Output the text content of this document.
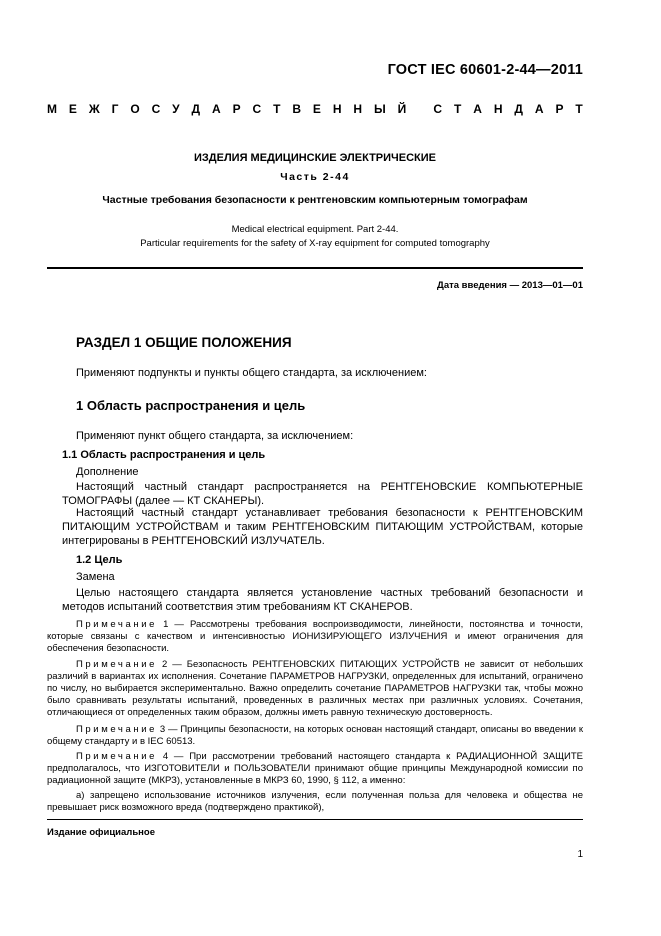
ГОСТ IEC 60601-2-44—2011
М Е Ж Г О С У Д А Р С Т В Е Н Н Ы Й
С Т А Н Д А Р Т
ИЗДЕЛИЯ МЕДИЦИНСКИЕ ЭЛЕКТРИЧЕСКИЕ
Часть 2-44
Частные требования безопасности к рентгеновским компьютерным томографам
Medical electrical equipment. Part 2-44.
Particular requirements for the safety of X-ray equipment for computed tomography
Дата введения — 2013—01—01
РАЗДЕЛ 1 ОБЩИЕ ПОЛОЖЕНИЯ
Применяют подпункты и пункты общего стандарта, за исключением:
1 Область распространения и цель
Применяют пункт общего стандарта, за исключением:
1.1 Область распространения и цель
Дополнение
Настоящий частный стандарт распространяется на РЕНТГЕНОВСКИЕ КОМПЬЮТЕРНЫЕ ТОМОГРАФЫ (далее — КТ СКАНЕРЫ).
Настоящий частный стандарт устанавливает требования безопасности к РЕНТГЕНОВСКИМ ПИТАЮЩИМ УСТРОЙСТВАМ и таким РЕНТГЕНОВСКИМ ПИТАЮЩИМ УСТРОЙСТВАМ, которые интегрированы в РЕНТГЕНОВСКИЙ ИЗЛУЧАТЕЛЬ.
1.2 Цель
Замена
Целью настоящего стандарта является установление частных требований безопасности и методов испытаний соответствия этим требованиям КТ СКАНЕРОВ.
Примечание 1 — Рассмотрены требования воспроизводимости, линейности, постоянства и точности, которые связаны с качеством и интенсивностью ИОНИЗИРУЮЩЕГО ИЗЛУЧЕНИЯ и имеют ограничения для обеспечения безопасности.
Примечание 2 — Безопасность РЕНТГЕНОВСКИХ ПИТАЮЩИХ УСТРОЙСТВ не зависит от небольших различий в вариантах их исполнения. Сочетание ПАРАМЕТРОВ НАГРУЗКИ, определенных для испытаний, ограничено по числу, но выбирается экспериментально. Важно определить сочетание ПАРАМЕТРОВ НАГРУЗКИ так, чтобы можно было сравнивать результаты испытаний, проведенных в различных местах при различных условиях. Сочетания, отличающиеся от определенных таким образом, должны иметь равную техническую достоверность.
Примечание 3 — Принципы безопасности, на которых основан настоящий стандарт, описаны во введении к общему стандарту и в IEC 60513.
Примечание 4 — При рассмотрении требований настоящего стандарта к РАДИАЦИОННОЙ ЗАЩИТЕ предполагалось, что ИЗГОТОВИТЕЛИ и ПОЛЬЗОВАТЕЛИ принимают общие принципы Международной комиссии по радиационной защите (МКРЗ), установленные в МКРЗ 60, 1990, § 112, а именно:
а) запрещено использование источников излучения, если полученная польза для человека и общества не превышает риск возможного вреда (подтверждено практикой),
Издание официальное
1
